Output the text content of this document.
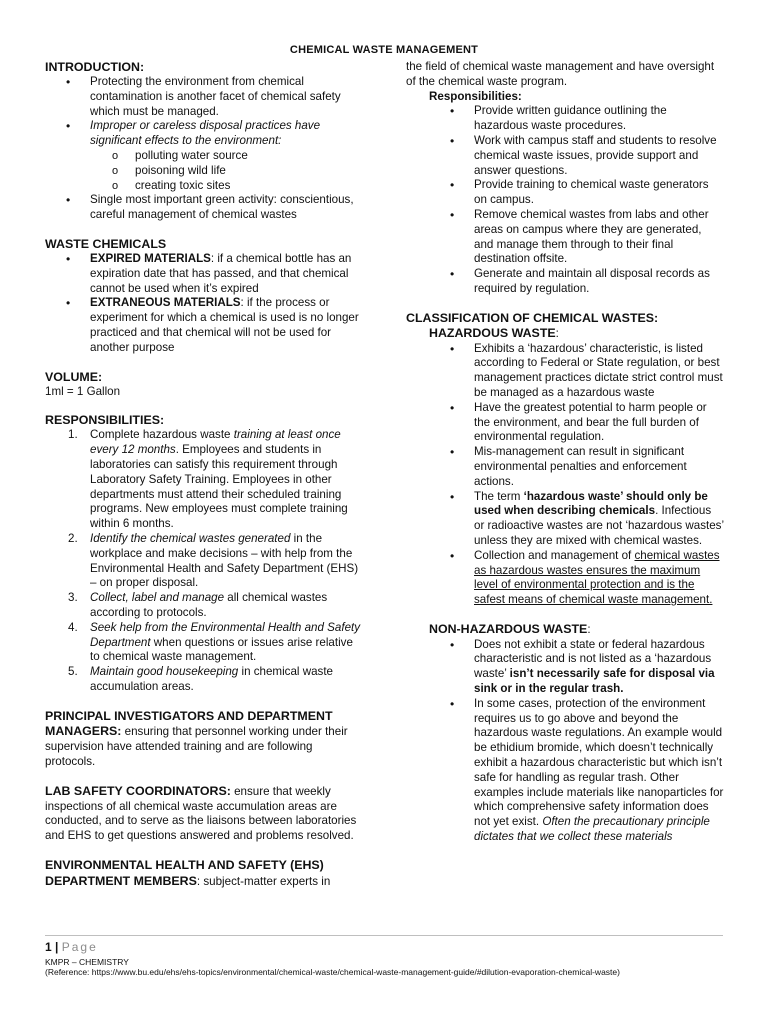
CHEMICAL WASTE MANAGEMENT
INTRODUCTION:
• Protecting the environment from chemical contamination is another facet of chemical safety which must be managed.
• Improper or careless disposal practices have significant effects to the environment:
o polluting water source
o poisoning wild life
o creating toxic sites
• Single most important green activity: conscientious, careful management of chemical wastes
WASTE CHEMICALS
• EXPIRED MATERIALS: if a chemical bottle has an expiration date that has passed, and that chemical cannot be used when it’s expired
• EXTRANEOUS MATERIALS: if the process or experiment for which a chemical is used is no longer practiced and that chemical will not be used for another purpose
VOLUME:
1ml = 1 Gallon
RESPONSIBILITIES:
1. Complete hazardous waste training at least once every 12 months. Employees and students in laboratories can satisfy this requirement through Laboratory Safety Training. Employees in other departments must attend their scheduled training programs. New employees must complete training within 6 months.
2. Identify the chemical wastes generated in the workplace and make decisions – with help from the Environmental Health and Safety Department (EHS) – on proper disposal.
3. Collect, label and manage all chemical wastes according to protocols.
4. Seek help from the Environmental Health and Safety Department when questions or issues arise relative to chemical waste management.
5. Maintain good housekeeping in chemical waste accumulation areas.
PRINCIPAL INVESTIGATORS AND DEPARTMENT MANAGERS: ensuring that personnel working under their supervision have attended training and are following protocols.
LAB SAFETY COORDINATORS: ensure that weekly inspections of all chemical waste accumulation areas are conducted, and to serve as the liaisons between laboratories and EHS to get questions answered and problems resolved.
ENVIRONMENTAL HEALTH AND SAFETY (EHS) DEPARTMENT MEMBERS: subject-matter experts in
the field of chemical waste management and have oversight of the chemical waste program.
Responsibilities:
• Provide written guidance outlining the hazardous waste procedures.
• Work with campus staff and students to resolve chemical waste issues, provide support and answer questions.
• Provide training to chemical waste generators on campus.
• Remove chemical wastes from labs and other areas on campus where they are generated, and manage them through to their final destination offsite.
• Generate and maintain all disposal records as required by regulation.
CLASSIFICATION OF CHEMICAL WASTES:
HAZARDOUS WASTE:
• Exhibits a ‘hazardous’ characteristic, is listed according to Federal or State regulation, or best management practices dictate strict control must be managed as a hazardous waste
• Have the greatest potential to harm people or the environment, and bear the full burden of environmental regulation.
• Mis-management can result in significant environmental penalties and enforcement actions.
• The term ‘hazardous waste’ should only be used when describing chemicals. Infectious or radioactive wastes are not ‘hazardous wastes’ unless they are mixed with chemical wastes.
• Collection and management of chemical wastes as hazardous wastes ensures the maximum level of environmental protection and is the safest means of chemical waste management.
NON-HAZARDOUS WASTE:
• Does not exhibit a state or federal hazardous characteristic and is not listed as a ‘hazardous waste’ isn’t necessarily safe for disposal via sink or in the regular trash.
• In some cases, protection of the environment requires us to go above and beyond the hazardous waste regulations. An example would be ethidium bromide, which doesn’t technically exhibit a hazardous characteristic but which isn’t safe for handling as regular trash. Other examples include materials like nanoparticles for which comprehensive safety information does not yet exist. Often the precautionary principle dictates that we collect these materials
1 | Page
KMPR – CHEMISTRY
(Reference: https://www.bu.edu/ehs/ehs-topics/environmental/chemical-waste/chemical-waste-management-guide/#dilution-evaporation-chemical-waste)
